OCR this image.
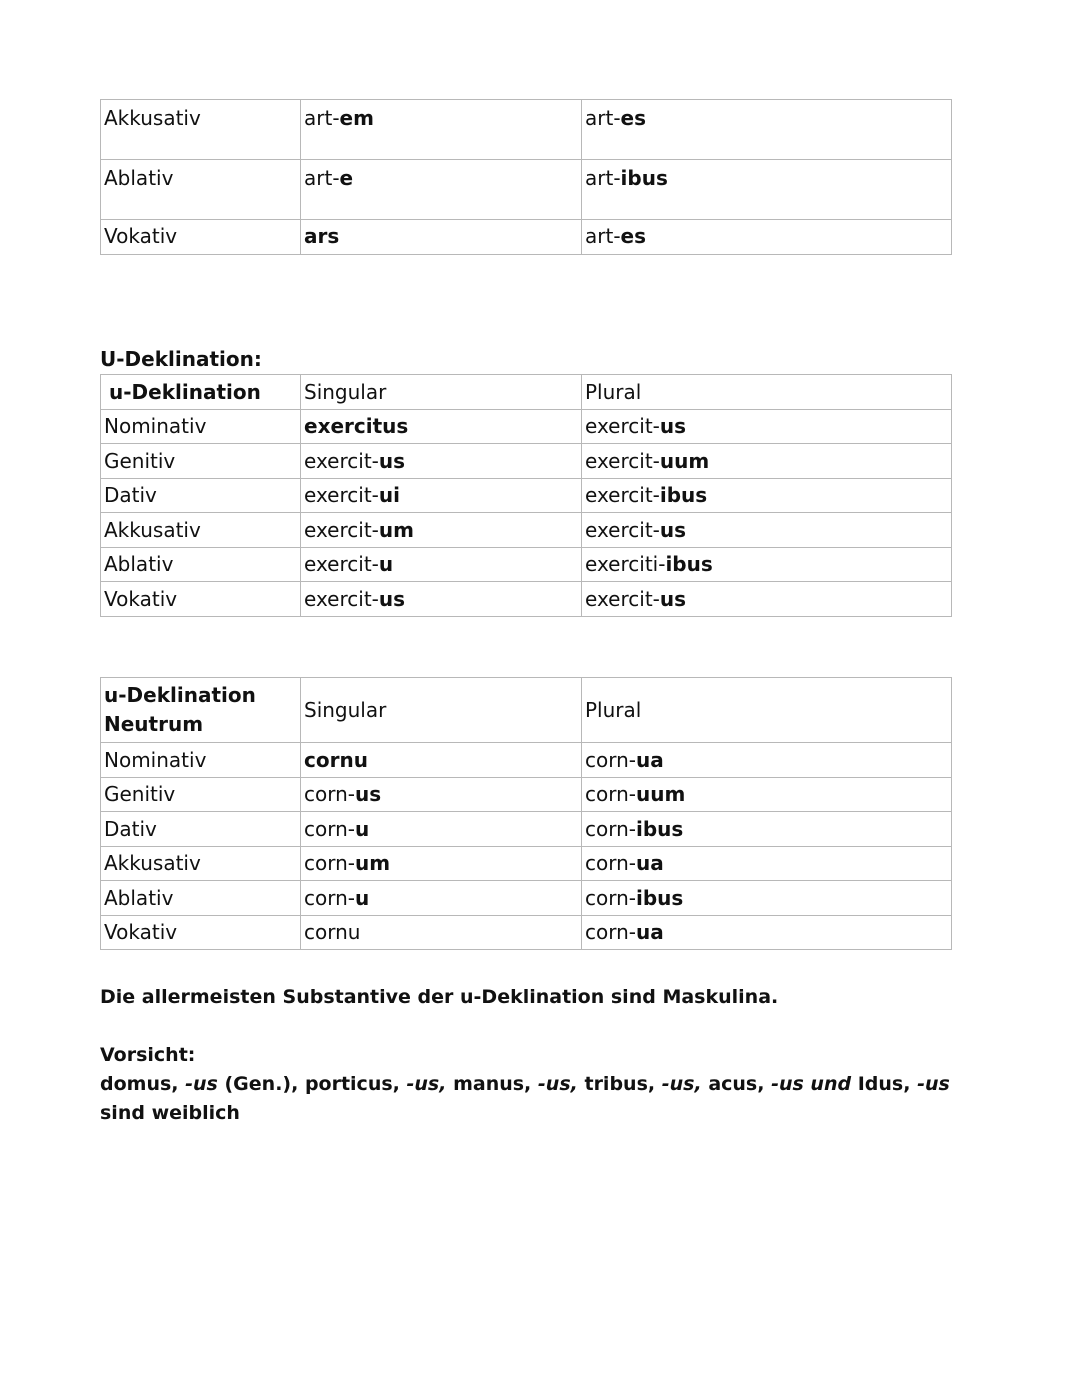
Akkusativ	art-em	art-es
Ablativ	art-e	art-ibus
Vokativ	ars	art-es
U-Deklination:
u-Deklination	Singular	Plural
Nominativ	exercitus	exercit-us
Genitiv	exercit-us	exercit-uum
Dativ	exercit-ui	exercit-ibus
Akkusativ	exercit-um	exercit-us
Ablativ	exercit-u	exerciti-ibus
Vokativ	exercit-us	exercit-us
u-Deklination
Neutrum	Singular	Plural
Nominativ	cornu	corn-ua
Genitiv	corn-us	corn-uum
Dativ	corn-u	corn-ibus
Akkusativ	corn-um	corn-ua
Ablativ	corn-u	corn-ibus
Vokativ	cornu	corn-ua

Die allermeisten Substantive der u-Deklination sind Maskulina.

Vorsicht:
domus, -us (Gen.), porticus, -us, manus, -us, tribus, -us, acus, -us und Idus, -us
sind weiblich
